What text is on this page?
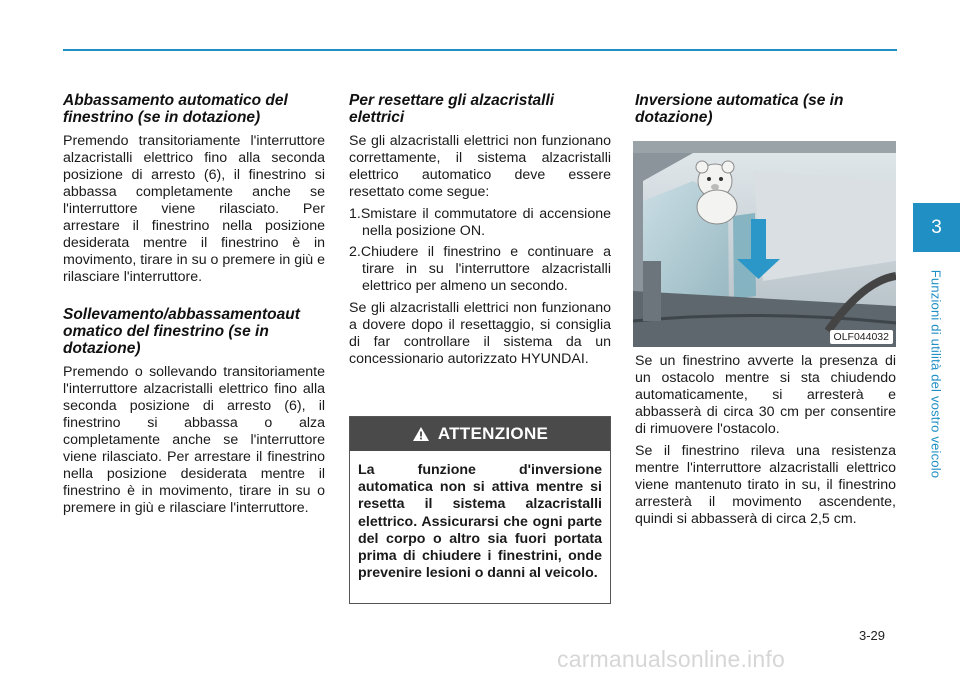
Abbassamento automatico del finestrino (se in dotazione)

Premendo transitoriamente l'interruttore alzacristalli elettrico fino alla seconda posizione di arresto (6), il finestrino si abbassa completamente anche se l'interruttore viene rilasciato. Per arrestare il finestrino nella posizione desiderata mentre il finestrino è in movimento, tirare in su o premere in giù e rilasciare l'interruttore.

Sollevamento/abbassamentoaut omatico del finestrino (se in dotazione)

Premendo o sollevando transitoriamente l'interruttore alzacristalli elettrico fino alla seconda posizione di arresto (6), il finestrino si abbassa o alza completamente anche se l'interruttore viene rilasciato. Per arrestare il finestrino nella posizione desiderata mentre il finestrino è in movimento, tirare in su o premere in giù e rilasciare l'interruttore.

Per resettare gli alzacristalli elettrici

Se gli alzacristalli elettrici non funzionano correttamente, il sistema alzacristalli elettrico automatico deve essere resettato come segue:

1.Smistare il commutatore di accensione nella posizione ON.
2.Chiudere il finestrino e continuare a tirare in su l'interruttore alzacristalli elettrico per almeno un secondo.

Se gli alzacristalli elettrici non funzionano a dovere dopo il resettaggio, si consiglia di far controllare il sistema da un concessionario autorizzato HYUNDAI.

ATTENZIONE
La funzione d'inversione automatica non si attiva mentre si resetta il sistema alzacristalli elettrico. Assicurarsi che ogni parte del corpo o altro sia fuori portata prima di chiudere i finestrini, onde prevenire lesioni o danni al veicolo.
Inversione automatica (se in dotazione)
OLF044032

Se un finestrino avverte la presenza di un ostacolo mentre si sta chiudendo automaticamente, si arresterà e abbasserà di circa 30 cm per consentire di rimuovere l'ostacolo.

Se il finestrino rileva una resistenza mentre l'interruttore alzacristalli elettrico viene mantenuto tirato in su, il finestrino arresterà il movimento ascendente, quindi si abbasserà di circa 2,5 cm.

3
Funzioni di utilità del vostro veicolo
3-29
carmanualsonline.info
